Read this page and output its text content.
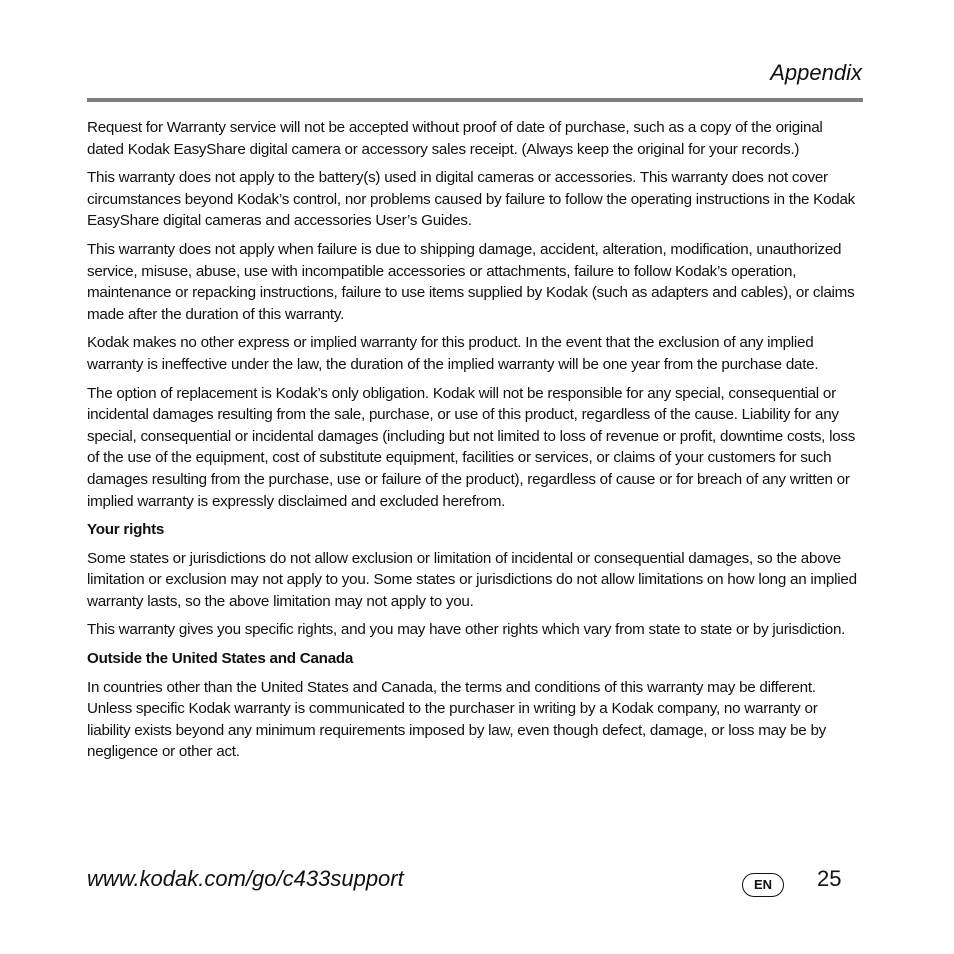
Appendix

Request for Warranty service will not be accepted without proof of date of purchase, such as a copy of the original dated Kodak EasyShare digital camera or accessory sales receipt. (Always keep the original for your records.)

This warranty does not apply to the battery(s) used in digital cameras or accessories. This warranty does not cover circumstances beyond Kodak’s control, nor problems caused by failure to follow the operating instructions in the Kodak EasyShare digital cameras and accessories User’s Guides.

This warranty does not apply when failure is due to shipping damage, accident, alteration, modification, unauthorized service, misuse, abuse, use with incompatible accessories or attachments, failure to follow Kodak’s operation, maintenance or repacking instructions, failure to use items supplied by Kodak (such as adapters and cables), or claims made after the duration of this warranty.

Kodak makes no other express or implied warranty for this product. In the event that the exclusion of any implied warranty is ineffective under the law, the duration of the implied warranty will be one year from the purchase date.

The option of replacement is Kodak’s only obligation. Kodak will not be responsible for any special, consequential or incidental damages resulting from the sale, purchase, or use of this product, regardless of the cause. Liability for any special, consequential or incidental damages (including but not limited to loss of revenue or profit, downtime costs, loss of the use of the equipment, cost of substitute equipment, facilities or services, or claims of your customers for such damages resulting from the purchase, use or failure of the product), regardless of cause or for breach of any written or implied warranty is expressly disclaimed and excluded herefrom.

Your rights

Some states or jurisdictions do not allow exclusion or limitation of incidental or consequential damages, so the above limitation or exclusion may not apply to you. Some states or jurisdictions do not allow limitations on how long an implied warranty lasts, so the above limitation may not apply to you.

This warranty gives you specific rights, and you may have other rights which vary from state to state or by jurisdiction.

Outside the United States and Canada

In countries other than the United States and Canada, the terms and conditions of this warranty may be different. Unless specific Kodak warranty is communicated to the purchaser in writing by a Kodak company, no warranty or liability exists beyond any minimum requirements imposed by law, even though defect, damage, or loss may be by negligence or other act.

www.kodak.com/go/c433support	EN	25
